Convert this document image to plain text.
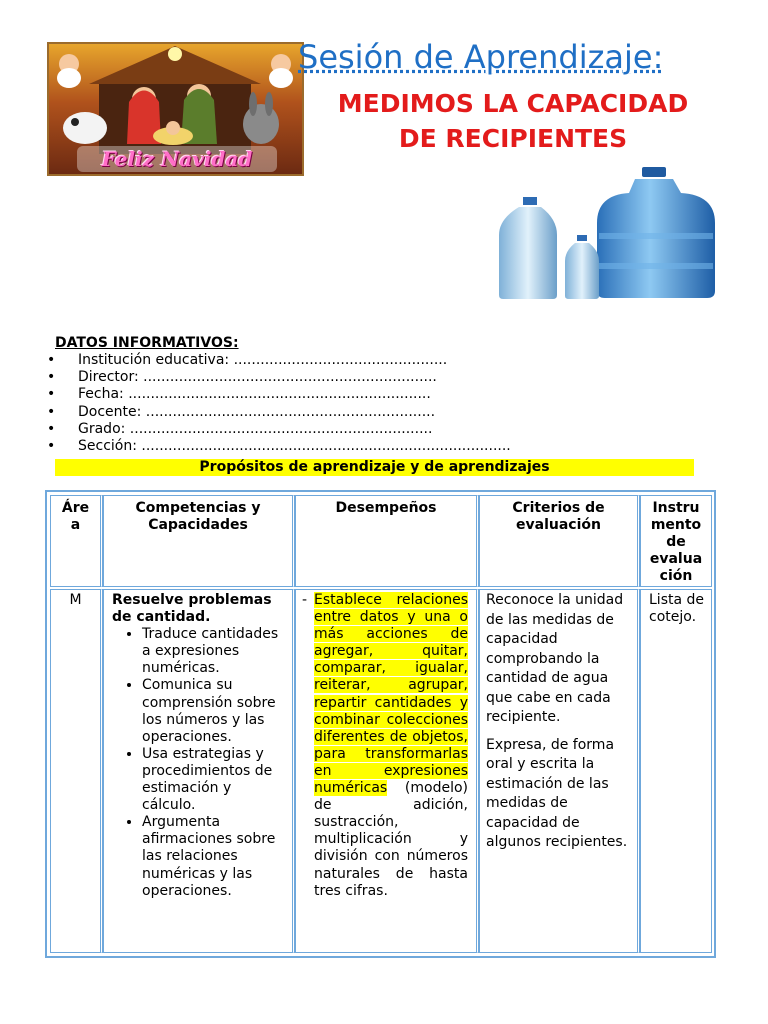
Feliz Navidad
Sesión de Aprendizaje:
MEDIMOS LA CAPACIDAD
DE RECIPIENTES
DATOS INFORMATIVOS:
• Institución educativa: ................................................
• Director: ..................................................................
• Fecha: ....................................................................
• Docente: .................................................................
• Grado: ....................................................................
• Sección: ...................................................................................
Propósitos de aprendizaje y de aprendizajes
Áre
a
Competencias y
Capacidades
Desempeños	Criterios de
evaluación
Instru
mento
de
evalua
ción
M	Resuelve problemas de cantidad.
• Traduce cantidades a expresiones numéricas.
• Comunica su comprensión sobre los números y las operaciones.
• Usa estrategias y procedimientos de estimación y cálculo.
• Argumenta afirmaciones sobre las relaciones numéricas y las operaciones.
- Establece relaciones entre datos y una o más acciones de agregar, quitar, comparar, igualar, reiterar, agrupar, repartir cantidades y combinar colecciones diferentes de objetos, para transformarlas en expresiones numéricas (modelo) de adición, sustracción, multiplicación y división con números naturales de hasta tres cifras.

Reconoce la unidad de las medidas de capacidad comprobando la cantidad de agua que cabe en cada recipiente.

Expresa, de forma oral y escrita la estimación de las medidas de capacidad de algunos recipientes.

Lista de cotejo.
